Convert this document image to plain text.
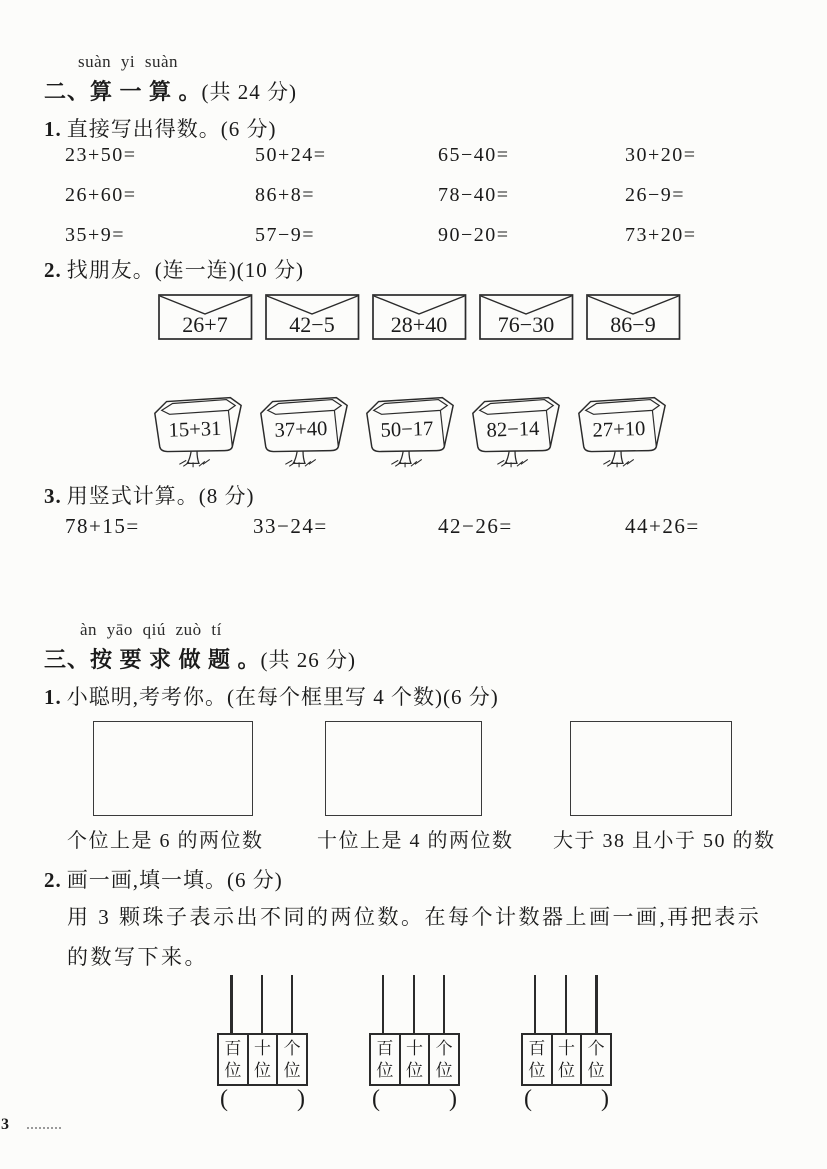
suàn yi suàn
二、算 一 算 。(共 24 分)
1. 直接写出得数。(6 分)
23+50=	50+24=	65−40=	30+20=
26+60=	86+8=	78−40=	26−9=
35+9=	57−9=	90−20=	73+20=
2. 找朋友。(连一连)(10 分)
26+7	42−5	28+40 76−30	86−9
15+31 37+40 50−17 82−14 27+10
3. 用竖式计算。(8 分)
78+15=	33−24=	42−26=	44+26=
àn yāo qiú zuò tí
三、按 要 求 做 题 。(共 26 分)
1. 小聪明,考考你。(在每个框里写 4 个数)(6 分)
个位上是 6 的两位数	十位上是 4 的两位数 大于 38 且小于 50 的数
2. 画一画,填一填。(6 分)
用 3 颗珠子表示出不同的两位数。在每个计数器上画一画,再把表示
的数写下来。
百位
十位
个位
(	)
百位
十位
个位
(	)
百位
十位
个位
(	)
3
